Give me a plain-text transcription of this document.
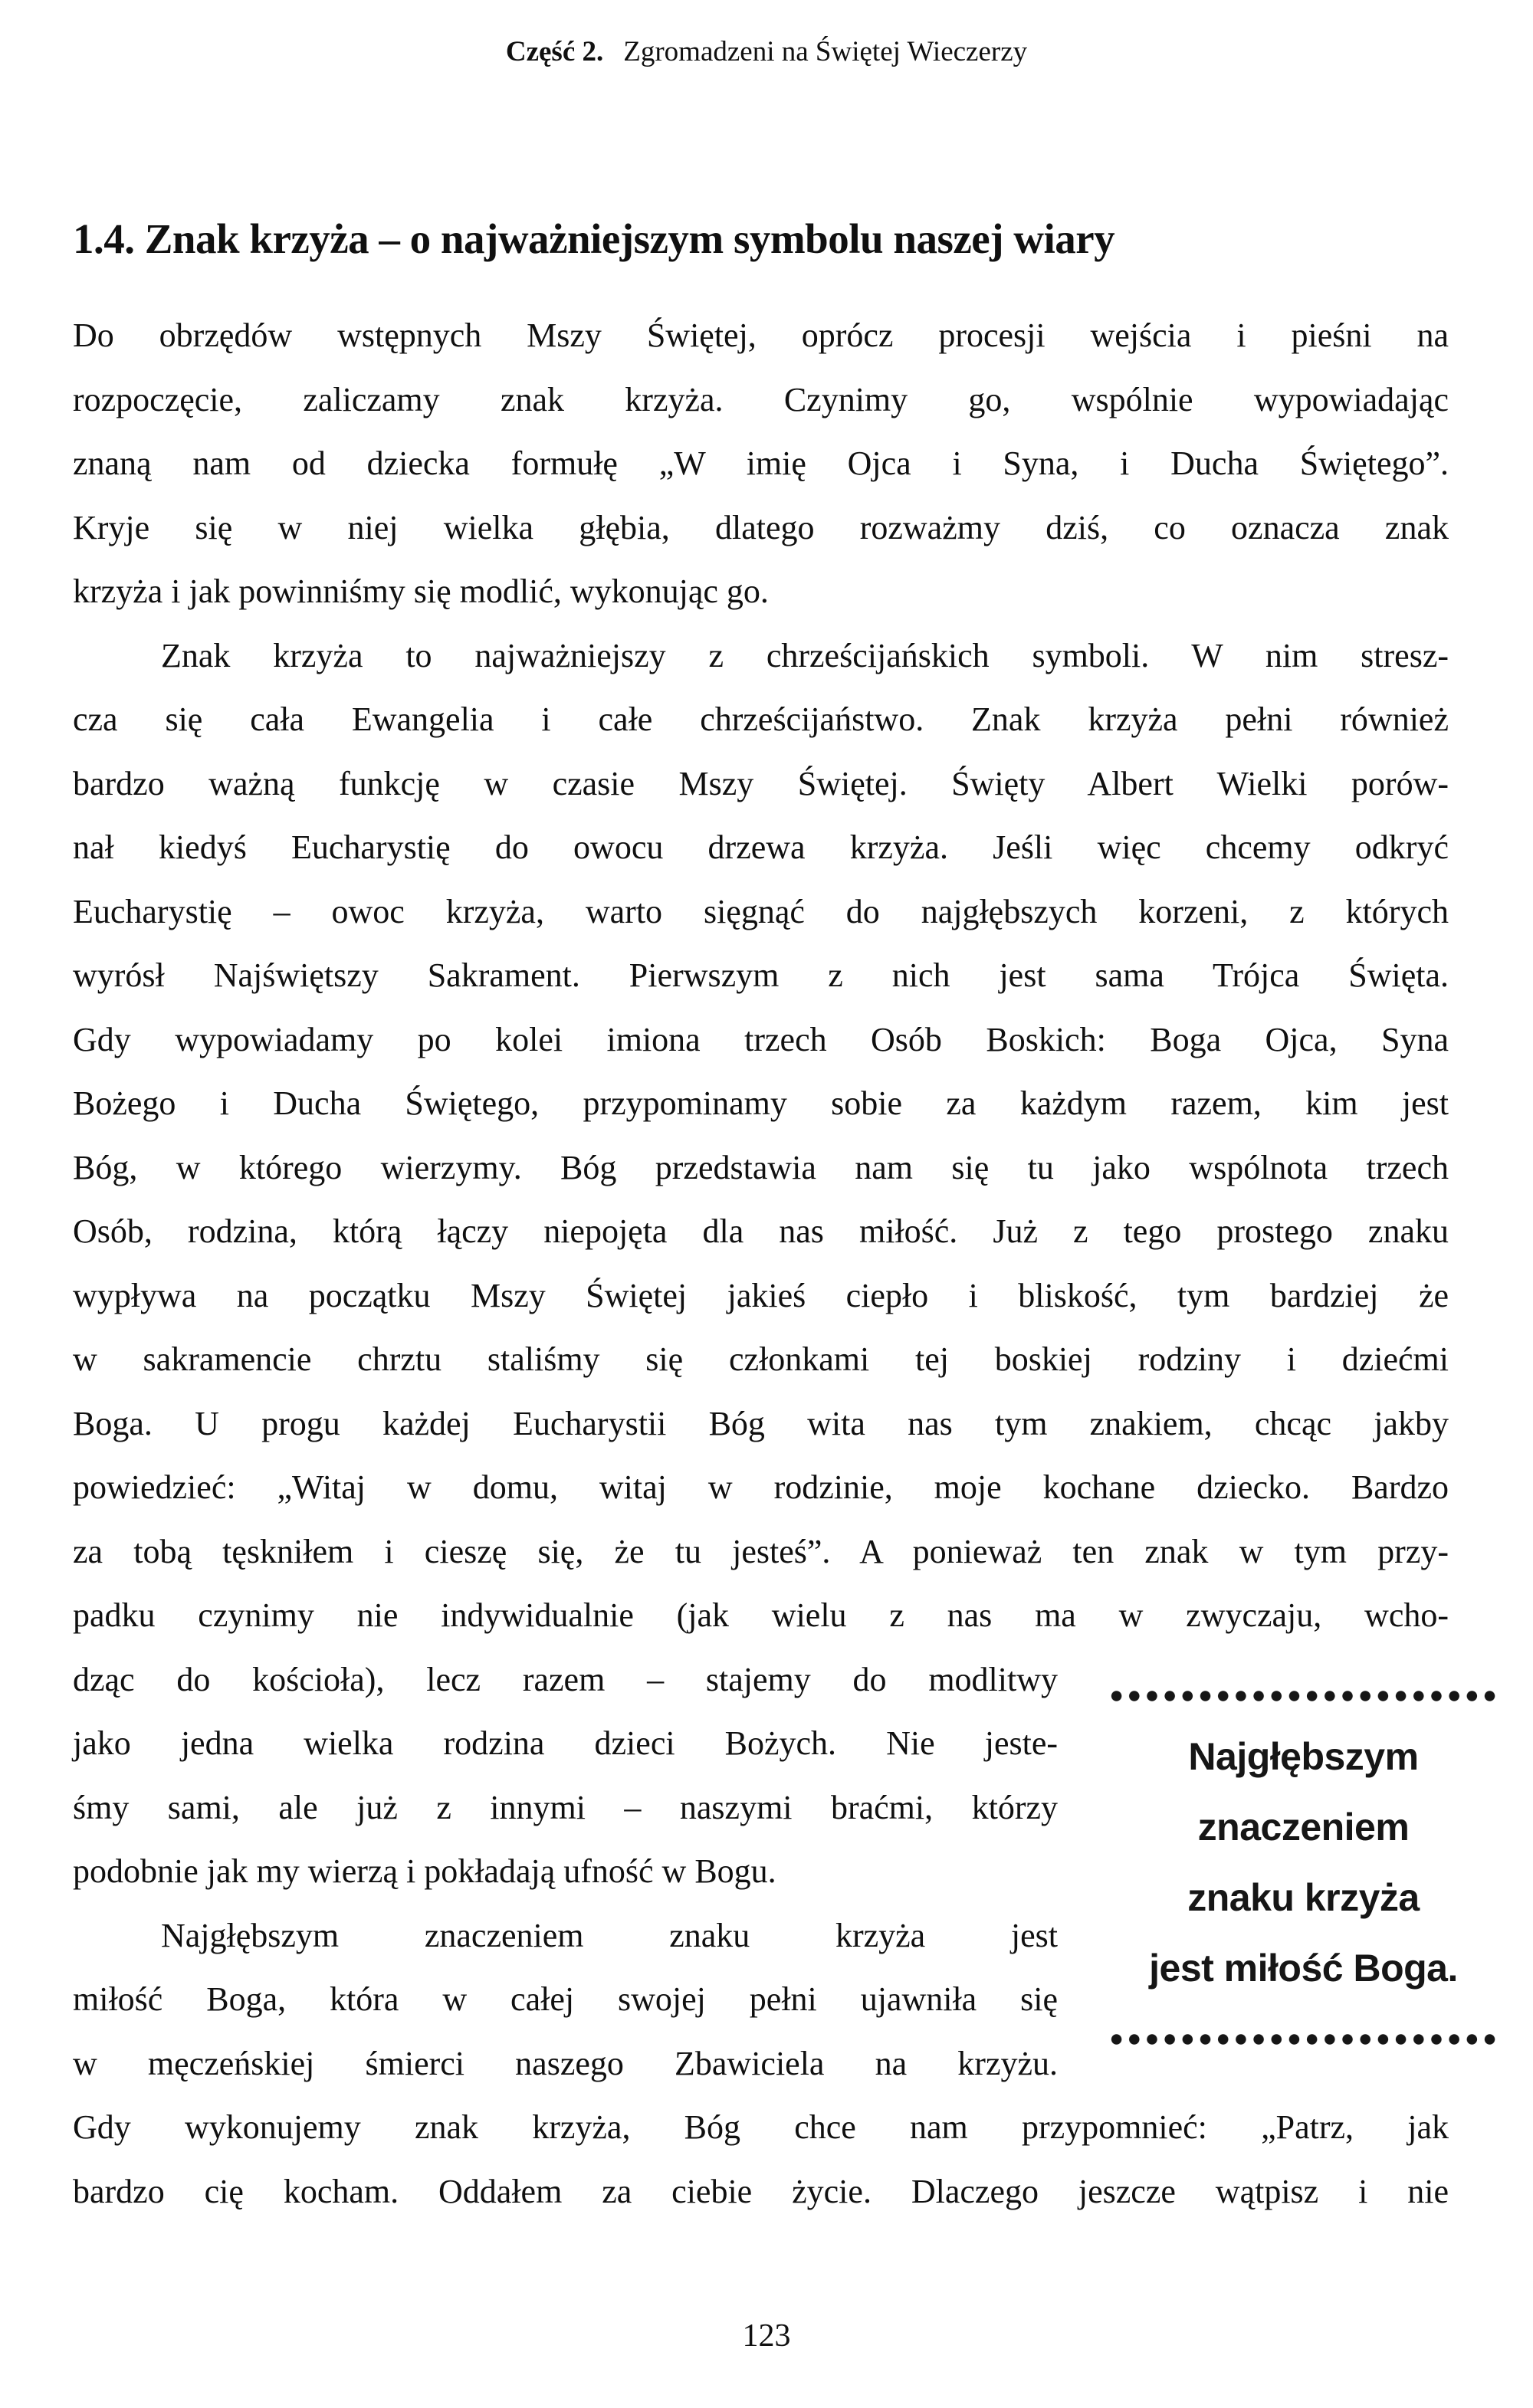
Część 2. Zgromadzeni na Świętej Wieczerzy
1.4. Znak krzyża – o najważniejszym symbolu naszej wiary
Do obrzędów wstępnych Mszy Świętej, oprócz procesji wejścia i pieśni na
rozpoczęcie, zaliczamy znak krzyża. Czynimy go, wspólnie wypowiadając
znaną nam od dziecka formułę „W imię Ojca i Syna, i Ducha Świętego”.
Kryje się w niej wielka głębia, dlatego rozważmy dziś, co oznacza znak
krzyża i jak powinniśmy się modlić, wykonując go.
Znak krzyża to najważniejszy z chrześcijańskich symboli. W nim stresz-
cza się cała Ewangelia i całe chrześcijaństwo. Znak krzyża pełni również
bardzo ważną funkcję w czasie Mszy Świętej. Święty Albert Wielki porów-
nał kiedyś Eucharystię do owocu drzewa krzyża. Jeśli więc chcemy odkryć
Eucharystię – owoc krzyża, warto sięgnąć do najgłębszych korzeni, z których
wyrósł Najświętszy Sakrament. Pierwszym z nich jest sama Trójca Święta.
Gdy wypowiadamy po kolei imiona trzech Osób Boskich: Boga Ojca, Syna
Bożego i Ducha Świętego, przypominamy sobie za każdym razem, kim jest
Bóg, w którego wierzymy. Bóg przedstawia nam się tu jako wspólnota trzech
Osób, rodzina, którą łączy niepojęta dla nas miłość. Już z tego prostego znaku
wypływa na początku Mszy Świętej jakieś ciepło i bliskość, tym bardziej że
w sakramencie chrztu staliśmy się członkami tej boskiej rodziny i dziećmi
Boga. U progu każdej Eucharystii Bóg wita nas tym znakiem, chcąc jakby
powiedzieć: „Witaj w domu, witaj w rodzinie, moje kochane dziecko. Bardzo
za tobą tęskniłem i cieszę się, że tu jesteś”. A ponieważ ten znak w tym przy-
padku czynimy nie indywidualnie (jak wielu z nas ma w zwyczaju, wcho-
dząc do kościoła), lecz razem – stajemy do modlitwy
jako jedna wielka rodzina dzieci Bożych. Nie jeste-
śmy sami, ale już z innymi – naszymi braćmi, którzy
podobnie jak my wierzą i pokładają ufność w Bogu.
Najgłębszym znaczeniem znaku krzyża jest
miłość Boga, która w całej swojej pełni ujawniła się
w męczeńskiej śmierci naszego Zbawiciela na krzyżu.
Gdy wykonujemy znak krzyża, Bóg chce nam przypomnieć: „Patrz, jak
bardzo cię kocham. Oddałem za ciebie życie. Dlaczego jeszcze wątpisz i nie
Najgłębszym
znaczeniem
znaku krzyża
jest miłość Boga.
123
